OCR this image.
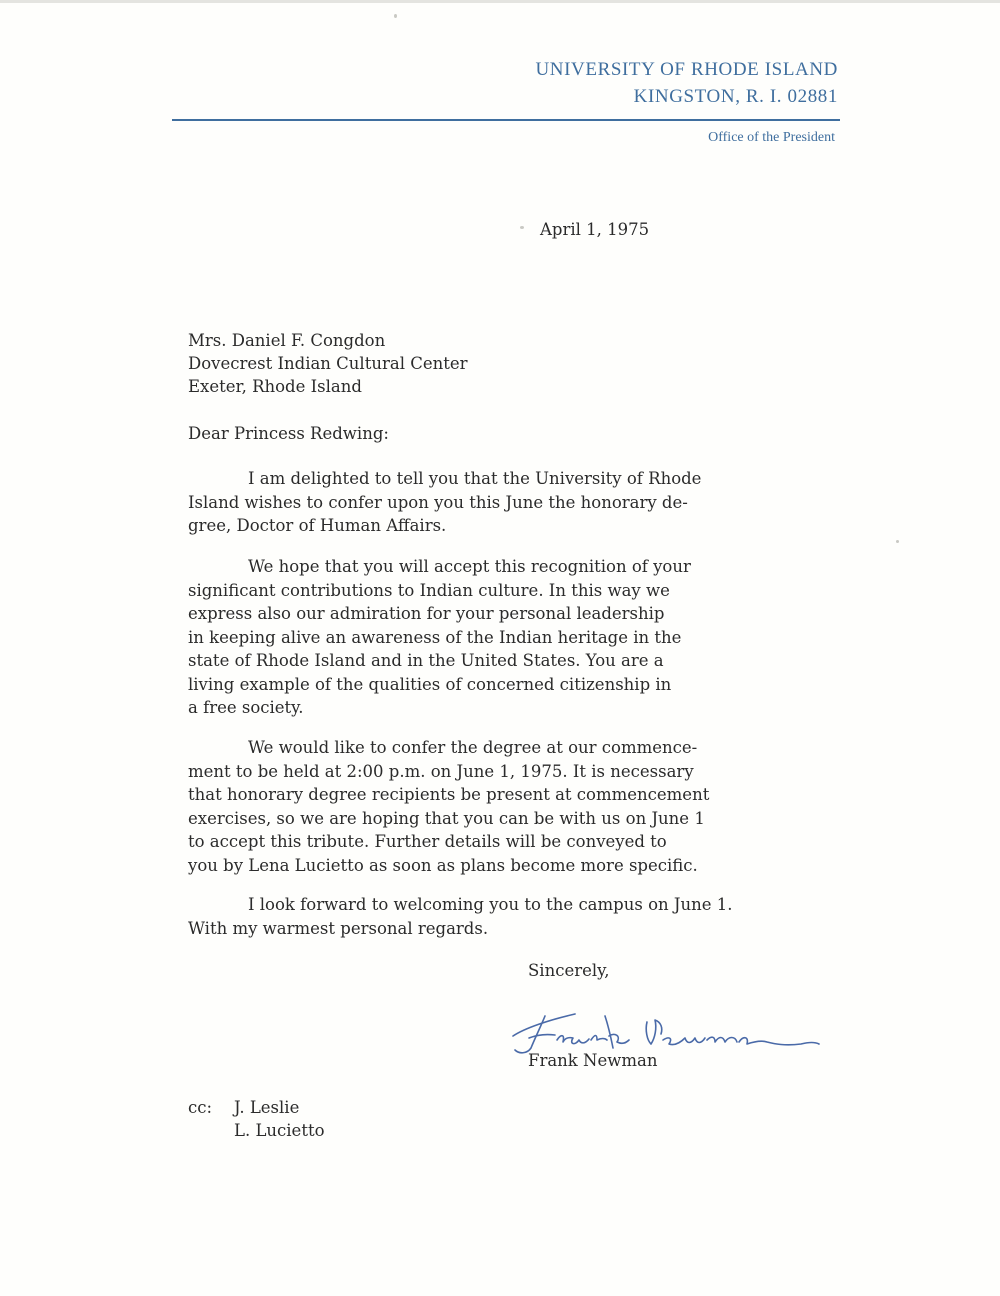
UNIVERSITY OF RHODE ISLAND
KINGSTON, R. I. 02881
Office of the President
April 1, 1975
Mrs. Daniel F. Congdon
Dovecrest Indian Cultural Center
Exeter, Rhode Island
Dear Princess Redwing:
I am delighted to tell you that the University of Rhode
Island wishes to confer upon you this June the honorary de-
gree, Doctor of Human Affairs.
We hope that you will accept this recognition of your
significant contributions to Indian culture. In this way we
express also our admiration for your personal leadership
in keeping alive an awareness of the Indian heritage in the
state of Rhode Island and in the United States. You are a
living example of the qualities of concerned citizenship in
a free society.
We would like to confer the degree at our commence-
ment to be held at 2:00 p.m. on June 1, 1975. It is necessary
that honorary degree recipients be present at commencement
exercises, so we are hoping that you can be with us on June 1
to accept this tribute. Further details will be conveyed to
you by Lena Lucietto as soon as plans become more specific.
I look forward to welcoming you to the campus on June 1.
With my warmest personal regards.
Sincerely,
Frank Newman
cc: J. Leslie
L. Lucietto
